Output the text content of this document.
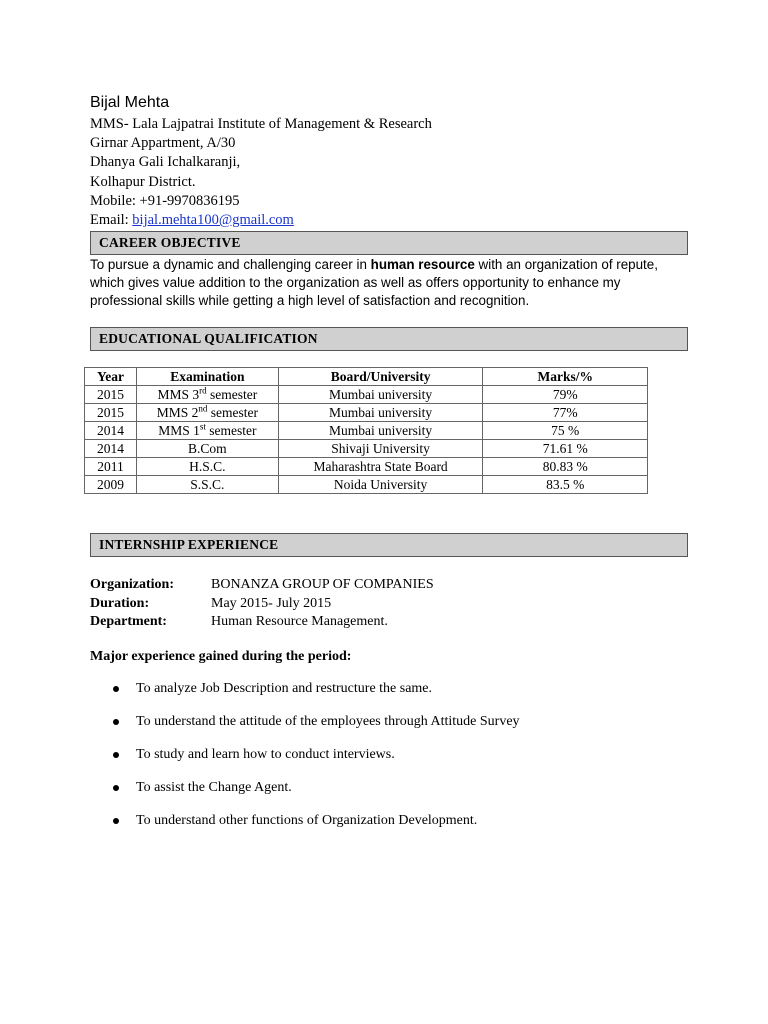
Bijal Mehta
MMS- Lala Lajpatrai Institute of Management & Research
Girnar Appartment, A/30
Dhanya Gali Ichalkaranji,
Kolhapur District.
Mobile: +91-9970836195
Email: bijal.mehta100@gmail.com
CAREER OBJECTIVE
To pursue a dynamic and challenging career in human resource with an organization of repute, which gives value addition to the organization as well as offers opportunity to enhance my professional skills while getting a high level of satisfaction and recognition.
EDUCATIONAL QUALIFICATION
Year	Examination	Board/University	Marks/%
2015	MMS 3rd semester	Mumbai university	79%
2015	MMS 2nd semester	Mumbai university	77%
2014	MMS 1st semester	Mumbai university	75 %
2014	B.Com	Shivaji University	71.61 %
2011	H.S.C.	Maharashtra State Board	80.83 %
2009	S.S.C.	Noida University	83.5 %
INTERNSHIP EXPERIENCE
Organization:	BONANZA GROUP OF COMPANIES
Duration:	May 2015- July 2015
Department:	Human Resource Management.
Major experience gained during the period:
To analyze Job Description and restructure the same.
To understand the attitude of the employees through Attitude Survey
To study and learn how to conduct interviews.
To assist the Change Agent.
To understand other functions of Organization Development.
